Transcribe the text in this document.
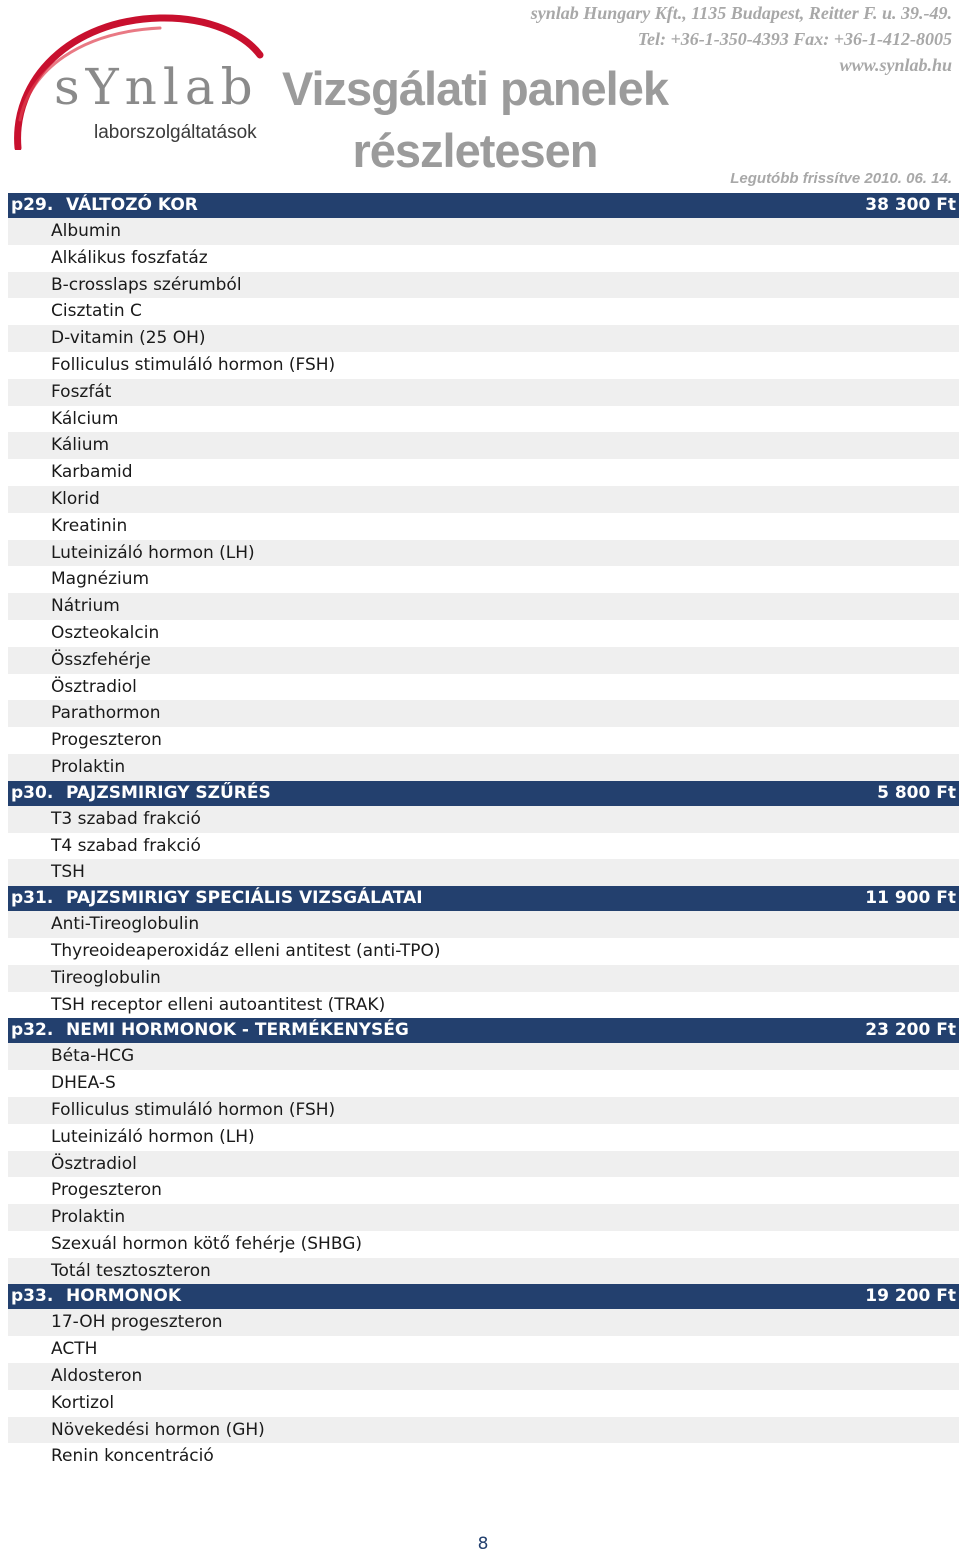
sYnlab
laborszolgáltatások
Vizsgálati panelek
részletesen
synlab Hungary Kft., 1135 Budapest, Reitter F. u. 39.-49.
Tel: +36-1-350-4393 Fax: +36-1-412-8005
www.synlab.hu
Legutóbb frissítve 2010. 06. 14.
p29. VÁLTOZÓ KOR	38 300 Ft
Albumin
Alkálikus foszfatáz
B-crosslaps szérumból
Cisztatin C
D-vitamin (25 OH)
Folliculus stimuláló hormon (FSH)
Foszfát
Kálcium
Kálium
Karbamid
Klorid
Kreatinin
Luteinizáló hormon (LH)
Magnézium
Nátrium
Oszteokalcin
Összfehérje
Ösztradiol
Parathormon
Progeszteron
Prolaktin
p30. PAJZSMIRIGY SZŰRÉS	5 800 Ft
T3 szabad frakció
T4 szabad frakció
TSH
p31. PAJZSMIRIGY SPECIÁLIS VIZSGÁLATAI	11 900 Ft
Anti-Tireoglobulin
Thyreoideaperoxidáz elleni antitest (anti-TPO)
Tireoglobulin
TSH receptor elleni autoantitest (TRAK)
p32. NEMI HORMONOK - TERMÉKENYSÉG	23 200 Ft
Béta-HCG
DHEA-S
Folliculus stimuláló hormon (FSH)
Luteinizáló hormon (LH)
Ösztradiol
Progeszteron
Prolaktin
Szexuál hormon kötő fehérje (SHBG)
Totál tesztoszteron
p33. HORMONOK	19 200 Ft
17-OH progeszteron
ACTH
Aldosteron
Kortizol
Növekedési hormon (GH)
Renin koncentráció
8
